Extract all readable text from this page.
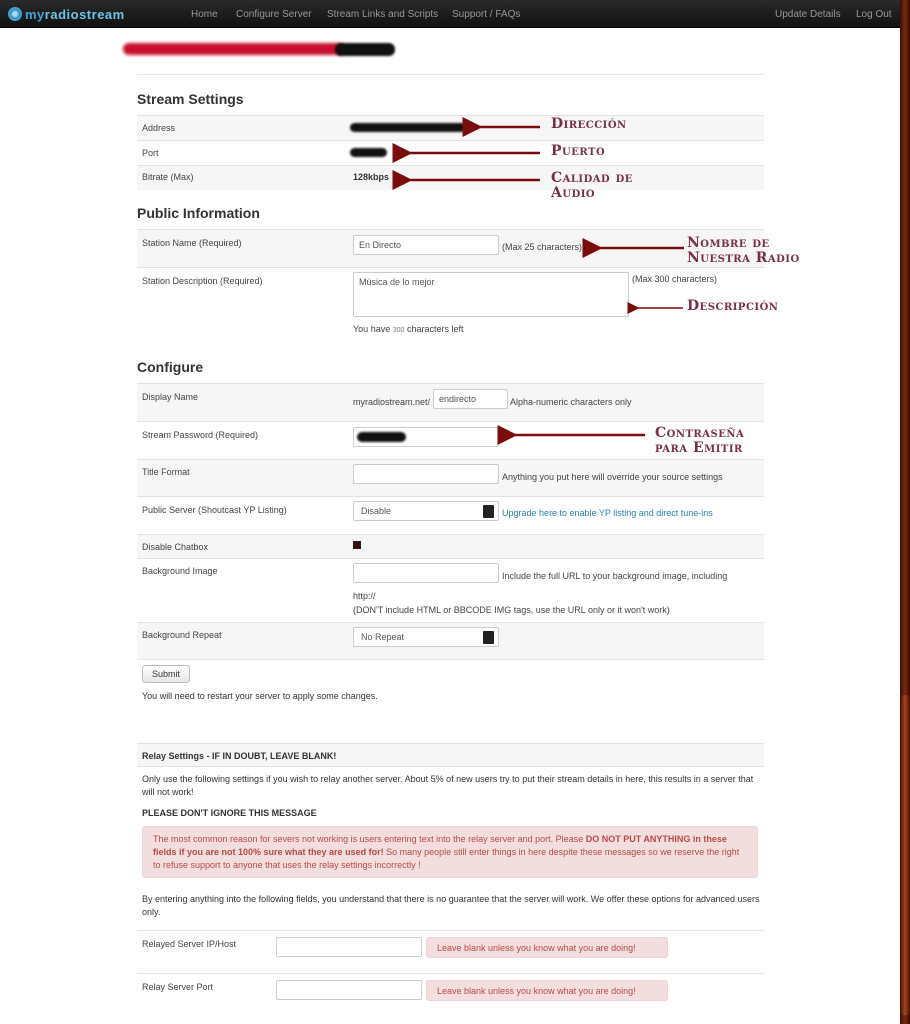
myradiostream	Home Configure Server Stream Links and Scripts Support / FAQs	Update Details Log Out
Stream Settings
Address
Port
Bitrate (Max)	128kbps
Public Information
Station Name (Required)	En Directo	(Max 25 characters)
Station Description (Required)	Música de lo mejor	(Max 300 characters)
You have 300 characters left
Configure
Display Name	myradiostream.net/ endirecto	Alpha-numeric characters only
Stream Password (Required)
Title Format	Anything you put here will override your source settings
Public Server (Shoutcast YP Listing)	Disable	Upgrade here to enable YP listing and direct tune-ins
Disable Chatbox
Background Image	Include the full URL to your background image, including
http://
(DON'T include HTML or BBCODE IMG tags, use the URL only or it won't work)
Background Repeat	No Repeat
Submit
You will need to restart your server to apply some changes.
Relay Settings - IF IN DOUBT, LEAVE BLANK!
Only use the following settings if you wish to relay another server. About 5% of new users try to put their stream details in here, this results in a server that will not work!
PLEASE DON'T IGNORE THIS MESSAGE
The most common reason for severs not working is users entering text into the relay server and port. Please DO NOT PUT ANYTHING in these fields if you are not 100% sure what they are used for! So many people still enter things in here despite these messages so we reserve the right to refuse support to anyone that uses the relay settings incorrectly !
By entering anything into the following fields, you understand that there is no guarantee that the server will work. We offer these options for advanced users only.
Relayed Server IP/Host	Leave blank unless you know what you are doing!
Relay Server Port	Leave blank unless you know what you are doing!
Dirección
Puerto
Calidad de
Audio
Nombre de
Nuestra Radio
Descripción
Contraseña
para Emitir
